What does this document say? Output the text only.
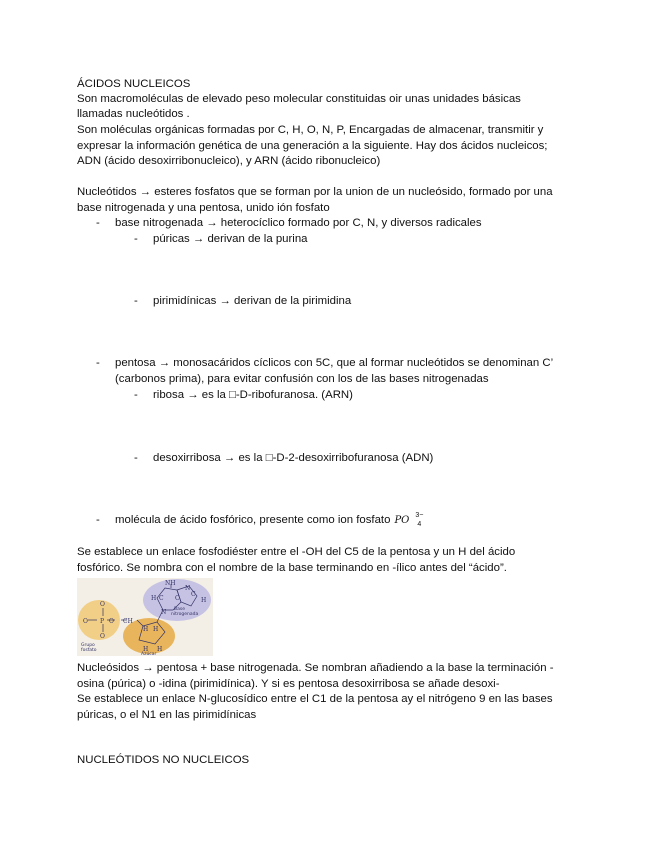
ÁCIDOS NUCLEICOS
Son macromoléculas de elevado peso molecular constituidas oir unas unidades básicas
llamadas nucleótidos .
Son moléculas orgánicas formadas por C, H, O, N, P, Encargadas de almacenar, transmitir y
expresar la información genética de una generación a la siguiente. Hay dos ácidos nucleicos;
ADN (ácido desoxirribonucleico), y ARN (ácido ribonucleico)
Nucleótidos → esteres fosfatos que se forman por la union de un nucleósido, formado por una
base nitrogenada y una pentosa, unido ión fosfato
- base nitrogenada → heterocíclico formado por C, N, y diversos radicales
- púricas → derivan de la purina
- pirimidínicas → derivan de la pirimidina
- pentosa → monosacáridos cíclicos con 5C, que al formar nucleótidos se denominan C’
(carbonos prima), para evitar confusión con los de las bases nitrogenadas
- ribosa → es la □-D-ribofuranosa. (ARN)
- desoxirribosa → es la □-D-2-desoxirribofuranosa (ADN)
- molécula de ácido fosfórico, presente como ion fosfato PO 3−
4
Se establece un enlace fosfodiéster entre el -OH del C5 de la pentosa y un H del ácido
fosfórico. Se nombra con el nombre de la base terminando en -ílico antes del “ácido”.
O
O P O
O
CH
H H
H H
NH
H C C
C
H
N
N Base
nitrogenada
Grupo
fosfato
Azúcar
Nucleósidos → pentosa + base nitrogenada. Se nombran añadiendo a la base la terminación -
osina (púrica) o -idina (pirimidínica). Y si es pentosa desoxirribosa se añade desoxi-
Se establece un enlace N-glucosídico entre el C1 de la pentosa ay el nitrógeno 9 en las bases
púricas, o el N1 en las pirimidínicas
NUCLEÓTIDOS NO NUCLEICOS
